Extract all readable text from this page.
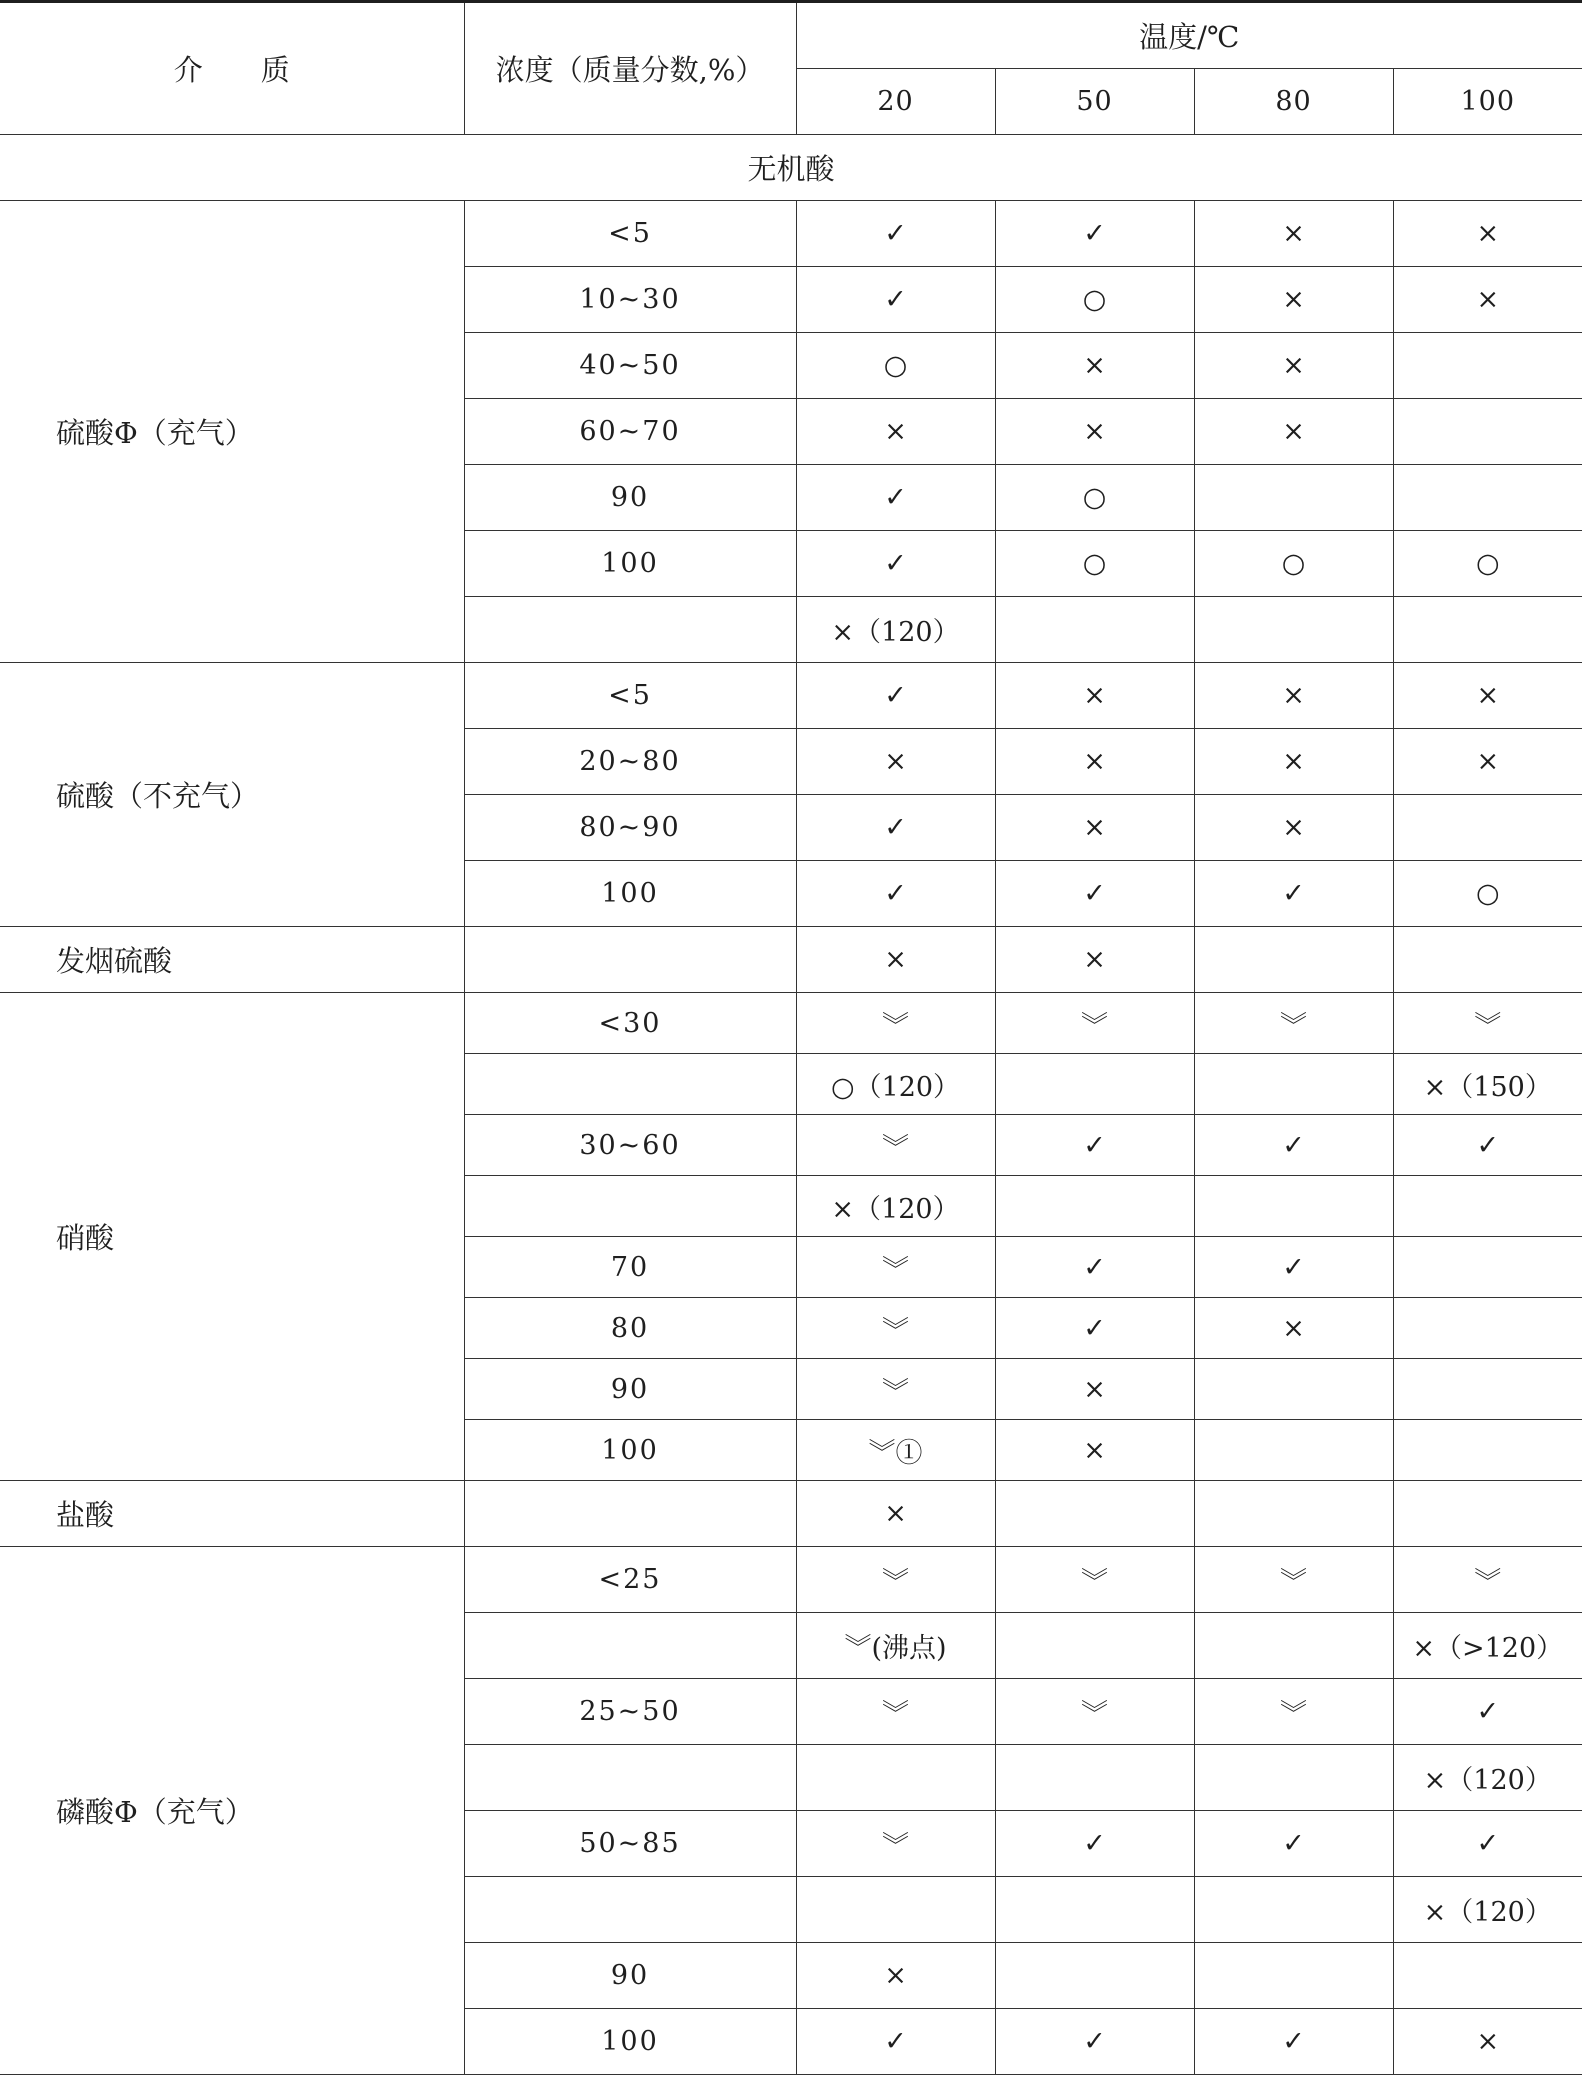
介　　质	浓度（质量分数,%）	温度/℃			
		20	50	80	100
无机酸					
硫酸Φ（充气）	<5	✓	✓	×	×
	10~30	✓	○	×	×
	40~50	○	×	×	
	60~70	×	×	×	
	90	✓	○		
	100	✓	○	○	○
		×（120）			
硫酸（不充气）	<5	✓	×	×	×
	20~80	×	×	×	×
	80~90	✓	×	×	
	100	✓	✓	✓	○
发烟硫酸		×	×		
硝酸	<30	︾	︾	︾	︾
		○（120）			×（150）
	30~60	︾	✓	✓	✓
		×（120）			
	70	︾	✓	✓	
	80	︾	✓	×	
	90	︾	×		
	100	︾①	×		
盐酸		×			
磷酸Φ（充气）	<25	︾	︾	︾	︾
		︾(沸点)			×（>120）
	25~50	︾	︾	︾	✓
					×（120）
	50~85	︾	✓	✓	✓
					×（120）
	90	×			
	100	✓	✓	✓	×
